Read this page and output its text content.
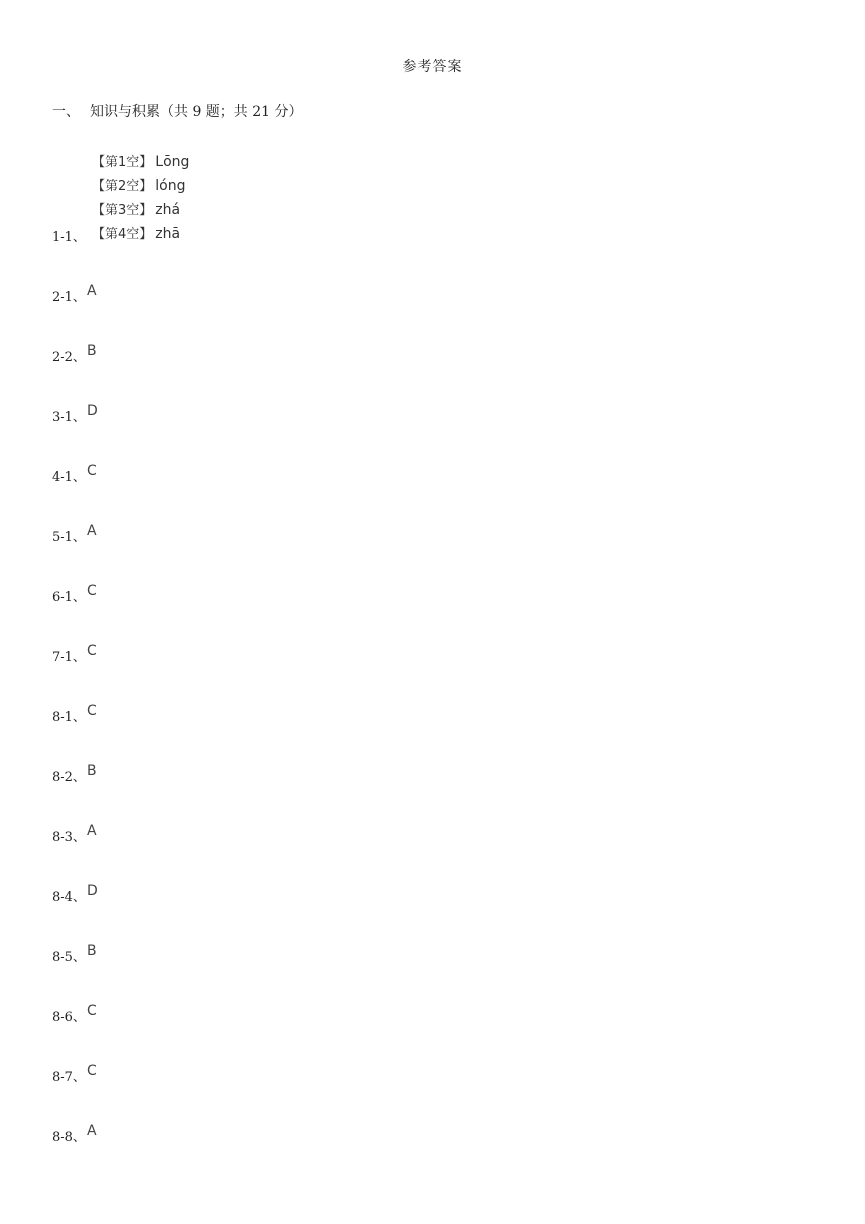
参考答案
一、 知识与积累（共 9 题；共 21 分）
【第1空】 Lōng
【第2空】 lóng
【第3空】 zhá
【第4空】 zhā
1-1、
2-1、A
2-2、B
3-1、D
4-1、C
5-1、A
6-1、C
7-1、C
8-1、C
8-2、B
8-3、A
8-4、D
8-5、B
8-6、C
8-7、C
8-8、A
